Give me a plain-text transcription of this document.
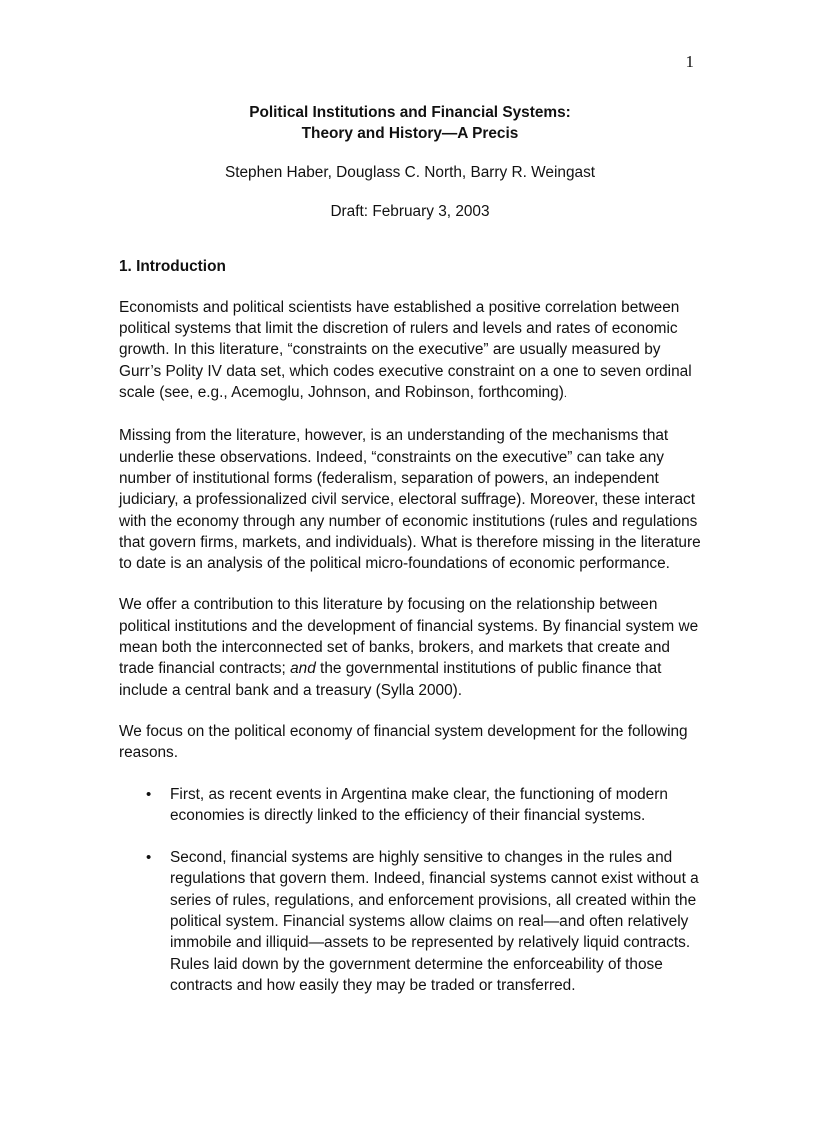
1
Political Institutions and Financial Systems:
Theory and History—A Precis
Stephen Haber, Douglass C. North, Barry R. Weingast
Draft: February 3, 2003
1. Introduction

Economists and political scientists have established a positive correlation between political systems that limit the discretion of rulers and levels and rates of economic growth. In this literature, “constraints on the executive” are usually measured by Gurr’s Polity IV data set, which codes executive constraint on a one to seven ordinal scale (see, e.g., Acemoglu, Johnson, and Robinson, forthcoming).

Missing from the literature, however, is an understanding of the mechanisms that underlie these observations. Indeed, “constraints on the executive” can take any number of institutional forms (federalism, separation of powers, an independent judiciary, a professionalized civil service, electoral suffrage). Moreover, these interact with the economy through any number of economic institutions (rules and regulations that govern firms, markets, and individuals). What is therefore missing in the literature to date is an analysis of the political micro-foundations of economic performance.

We offer a contribution to this literature by focusing on the relationship between political institutions and the development of financial systems. By financial system we mean both the interconnected set of banks, brokers, and markets that create and trade financial contracts; and the governmental institutions of public finance that include a central bank and a treasury (Sylla 2000).

We focus on the political economy of financial system development for the following reasons.

• First, as recent events in Argentina make clear, the functioning of modern economies is directly linked to the efficiency of their financial systems.
• Second, financial systems are highly sensitive to changes in the rules and regulations that govern them. Indeed, financial systems cannot exist without a series of rules, regulations, and enforcement provisions, all created within the political system. Financial systems allow claims on real—and often relatively immobile and illiquid—assets to be represented by relatively liquid contracts. Rules laid down by the government determine the enforceability of those contracts and how easily they may be traded or transferred.
